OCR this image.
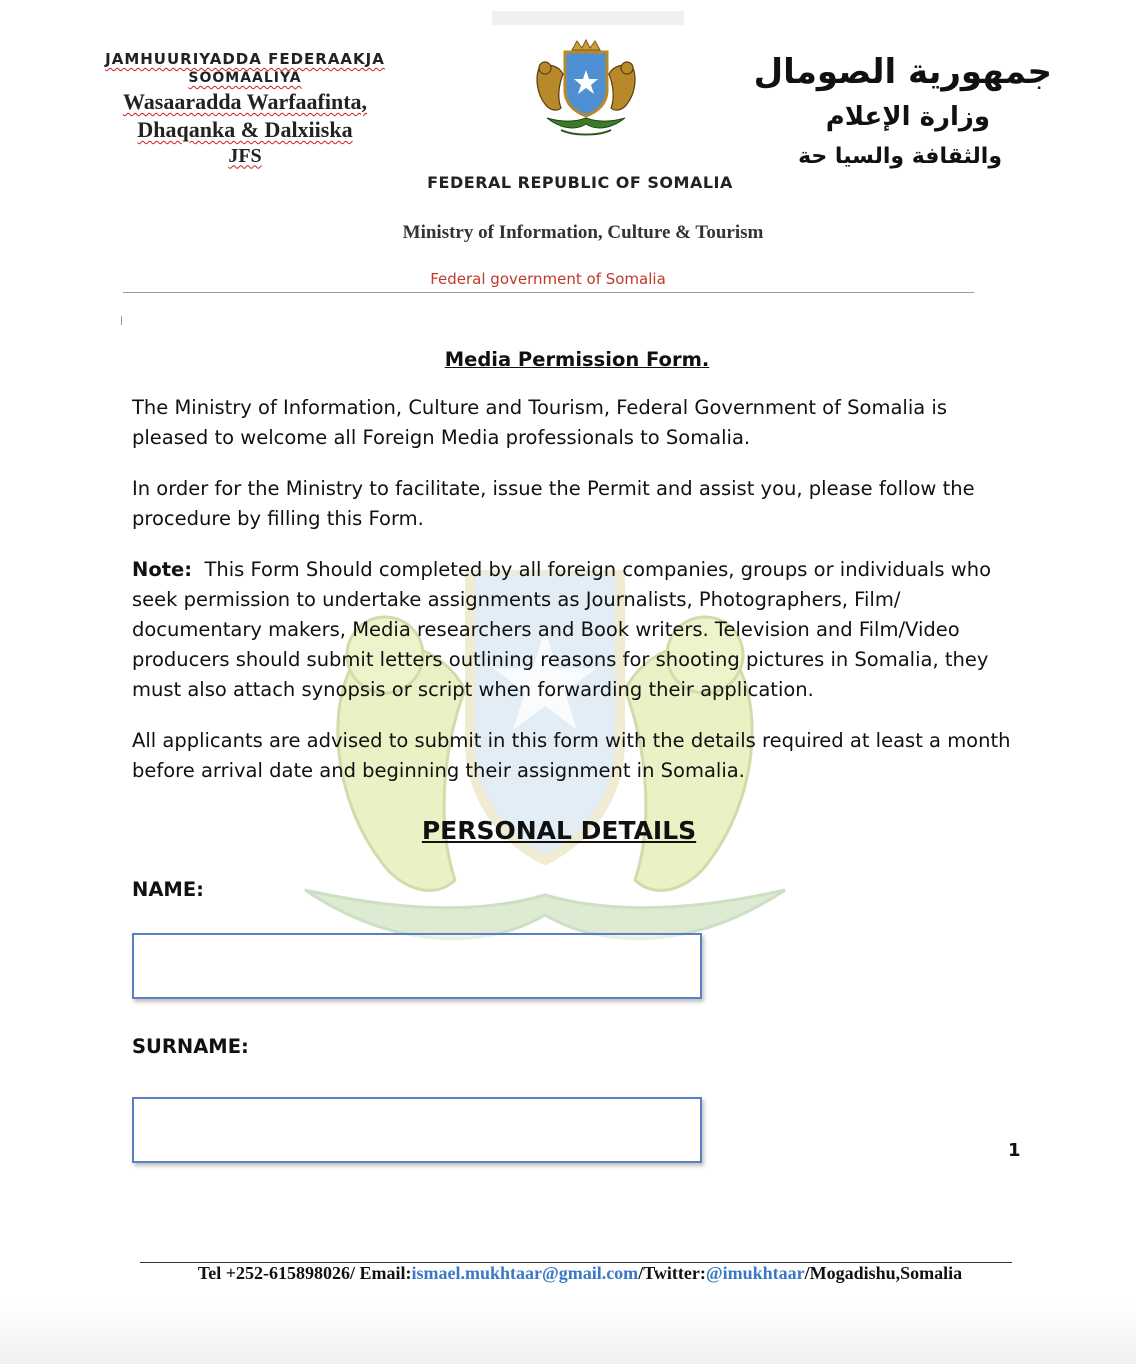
JAMHUURIYADDA FEDERAAKJA
SOOMAALIYA
Wasaaradda Warfaafinta,
Dhaqanka & Dalxiiska
JFS
جمهورية الصومال
وزارة الإعلام
والثقافة والسيا حة
FEDERAL REPUBLIC OF SOMALIA
Ministry of Information, Culture & Tourism
Federal government of Somalia
Media Permission Form.

The Ministry of Information, Culture and Tourism, Federal Government of Somalia is pleased to welcome all Foreign Media professionals to Somalia.

In order for the Ministry to facilitate, issue the Permit and assist you, please follow the procedure by filling this Form.

Note: This Form Should completed by all foreign companies, groups or individuals who seek permission to undertake assignments as Journalists, Photographers, Film/ documentary makers, Media researchers and Book writers. Television and Film/Video producers should submit letters outlining reasons for shooting pictures in Somalia, they must also attach synopsis or script when forwarding their application.

All applicants are advised to submit in this form with the details required at least a month before arrival date and beginning their assignment in Somalia.

PERSONAL DETAILS
NAME:
SURNAME:
1
Tel +252-615898026/ Email:ismael.mukhtaar@gmail.com/Twitter:@imukhtaar/Mogadishu,Somalia
